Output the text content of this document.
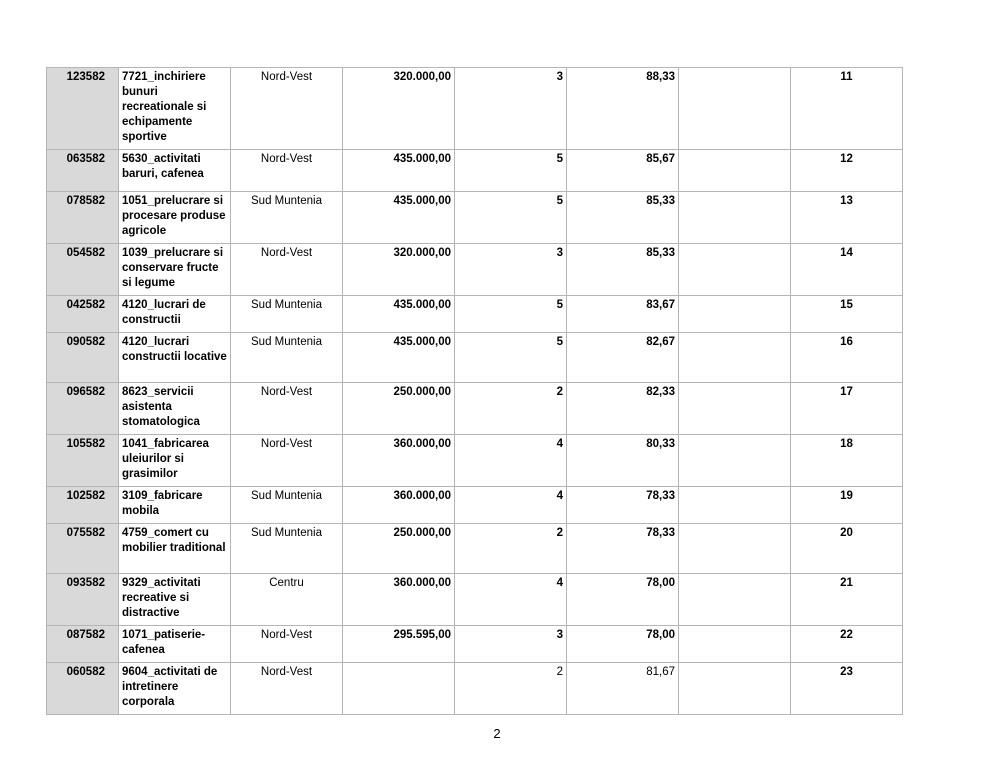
123582	7721_inchiriere bunuri recreationale si echipamente sportive	Nord-Vest	320.000,00	3	88,33		11
063582	5630_activitati baruri, cafenea	Nord-Vest	435.000,00	5	85,67		12
078582	1051_prelucrare si procesare produse agricole	Sud Muntenia	435.000,00	5	85,33		13
054582	1039_prelucrare si conservare fructe si legume	Nord-Vest	320.000,00	3	85,33		14
042582	4120_lucrari de constructii	Sud Muntenia	435.000,00	5	83,67		15
090582	4120_lucrari constructii locative	Sud Muntenia	435.000,00	5	82,67		16
096582	8623_servicii asistenta stomatologica	Nord-Vest	250.000,00	2	82,33		17
105582	1041_fabricarea uleiurilor si grasimilor	Nord-Vest	360.000,00	4	80,33		18
102582	3109_fabricare mobila	Sud Muntenia	360.000,00	4	78,33		19
075582	4759_comert cu mobilier traditional	Sud Muntenia	250.000,00	2	78,33		20
093582	9329_activitati recreative si distractive	Centru	360.000,00	4	78,00		21
087582	1071_patiserie-cafenea	Nord-Vest	295.595,00	3	78,00		22
060582	9604_activitati de intretinere corporala	Nord-Vest		2	81,67		23
2
